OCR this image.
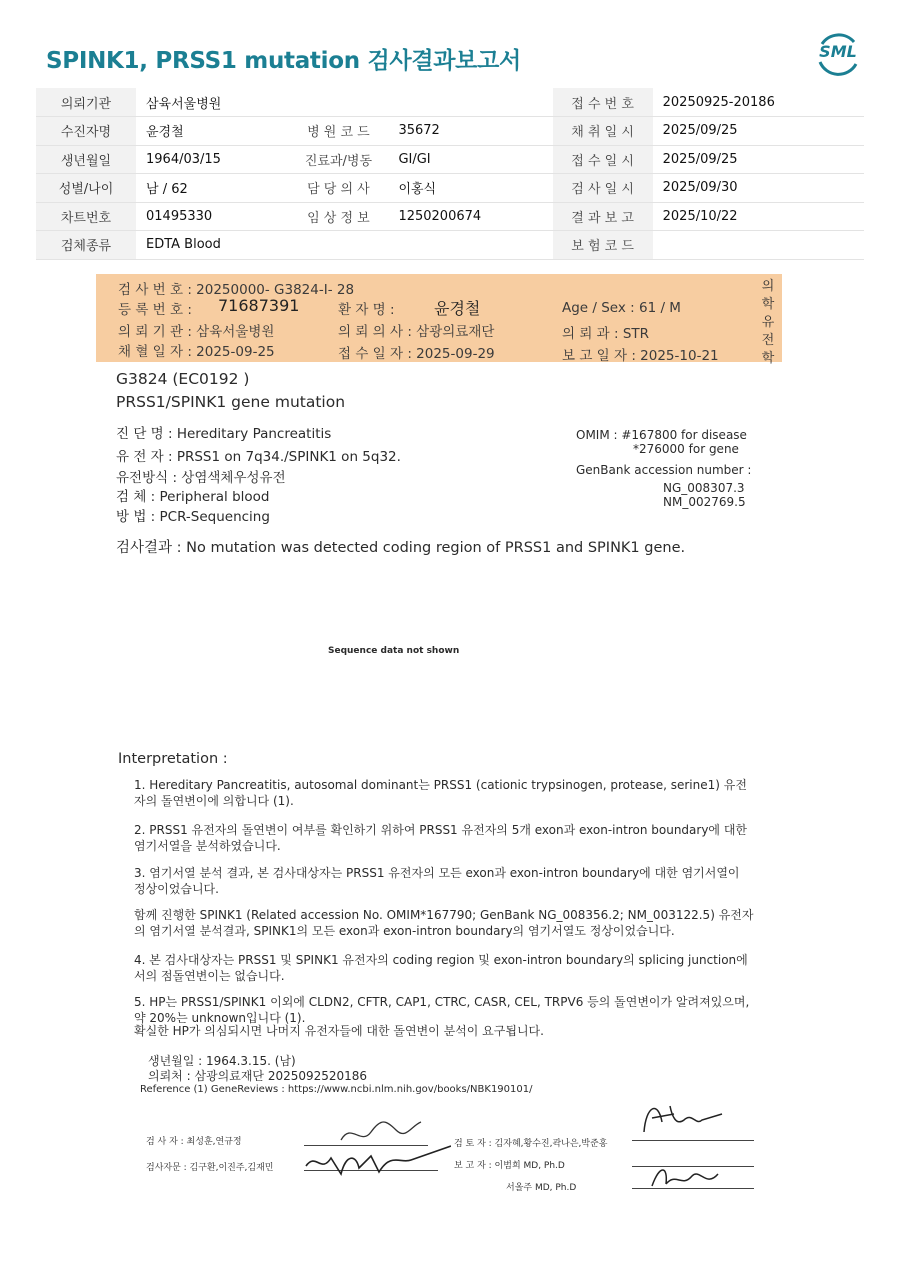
SPINK1, PRSS1 mutation 검사결과보고서	SML
의뢰기관	삼육서울병원			접 수 번 호	20250925-20186
수진자명	윤경철	병 원 코 드	35672	채 취 일 시	2025/09/25
생년월일	1964/03/15	진료과/병동	GI/GI	접 수 일 시	2025/09/25
성별/나이	남 / 62	담 당 의 사	이홍식	검 사 일 시	2025/09/30
차트번호	01495330	임 상 정 보	1250200674	결 과 보 고	2025/10/22
검체종류	EDTA Blood			보 험 코 드	
검 사 번 호 : 20250000- G3824-I- 28
등 록 번 호 : 71687391	환 자 명 : 윤경철	Age / Sex : 61 / M
의 뢰 기 관 : 삼육서울병원	의 뢰 의 사 : 삼광의료재단	의 뢰 과 : STR
채 혈 일 자 : 2025-09-25	접 수 일 자 : 2025-09-29	보 고 일 자 : 2025-10-21
의
학
유
전
학
G3824 (EC0192 )
PRSS1/SPINK1 gene mutation
진 단 명 : Hereditary Pancreatitis
유 전 자 : PRSS1 on 7q34./SPINK1 on 5q32.
유전방식 : 상염색체우성유전
검 체 : Peripheral blood
방 법 : PCR-Sequencing
OMIM : #167800 for disease
*276000 for gene
GenBank accession number :
NG_008307.3
NM_002769.5
검사결과 : No mutation was detected coding region of PRSS1 and SPINK1 gene.
Sequence data not shown
Interpretation :
1. Hereditary Pancreatitis, autosomal dominant는 PRSS1 (cationic trypsinogen, protease, serine1) 유전자의 돌연변이에 의합니다 (1).
2. PRSS1 유전자의 돌연변이 여부를 확인하기 위하여 PRSS1 유전자의 5개 exon과 exon-intron boundary에 대한 염기서열을 분석하였습니다.
3. 염기서열 분석 결과, 본 검사대상자는 PRSS1 유전자의 모든 exon과 exon-intron boundary에 대한 염기서열이 정상이었습니다.
함께 진행한 SPINK1 (Related accession No. OMIM*167790; GenBank NG_008356.2; NM_003122.5) 유전자의 염기서열 분석결과, SPINK1의 모든 exon과 exon-intron boundary의 염기서열도 정상이었습니다.
4. 본 검사대상자는 PRSS1 및 SPINK1 유전자의 coding region 및 exon-intron boundary의 splicing junction에서의 점돌연변이는 없습니다.
5. HP는 PRSS1/SPINK1 이외에 CLDN2, CFTR, CAP1, CTRC, CASR, CEL, TRPV6 등의 돌연변이가 알려져있으며, 약 20%는 unknown입니다 (1).
확실한 HP가 의심되시면 나머지 유전자들에 대한 돌연변이 분석이 요구됩니다.
생년월일 : 1964.3.15. (남)
의뢰처 : 삼광의료재단 2025092520186
Reference (1) GeneReviews : https://www.ncbi.nlm.nih.gov/books/NBK190101/
검 사 자 : 최성훈,연규정
검사자문 : 김구환,이진주,김재민
검 토 자 : 김자혜,황수진,곽나은,박준홍
보 고 자 : 이범희 MD, Ph.D
서올주 MD, Ph.D
